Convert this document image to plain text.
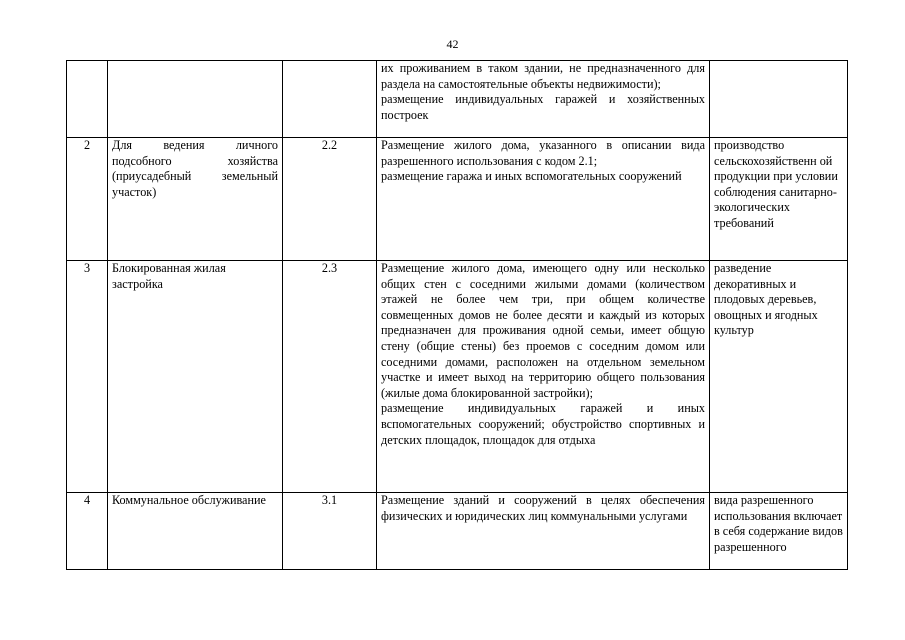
42

			их проживанием в таком здании, не предназначенного для раздела на самостоятельные объекты недвижимости);
размещение индивидуальных гаражей и хозяйственных построек	

2	Для ведения личного подсобного хозяйства (приусадебный земельный участок)	2.2	Размещение жилого дома, указанного в описании вида разрешенного использования с кодом 2.1;
размещение гаража и иных вспомогательных сооружений	производство сельскохозяйственн ой продукции при условии соблюдения санитарно-экологических требований
3	Блокированная жилая застройка	2.3	Размещение жилого дома, имеющего одну или несколько общих стен с соседними жилыми домами (количеством этажей не более чем три, при общем количестве совмещенных домов не более десяти и каждый из которых предназначен для проживания одной семьи, имеет общую стену (общие стены) без проемов с соседним домом или соседними домами, расположен на отдельном земельном участке и имеет выход на территорию общего пользования (жилые дома блокированной застройки);
размещение индивидуальных гаражей и иных вспомогательных сооружений; обустройство спортивных и детских площадок, площадок для отдыха	разведение декоративных и плодовых деревьев, овощных и ягодных культур
4	Коммунальное обслуживание	3.1	Размещение зданий и сооружений в целях обеспечения физических и юридических лиц коммунальными услугами	вида разрешенного использования включает в себя содержание видов разрешенного
